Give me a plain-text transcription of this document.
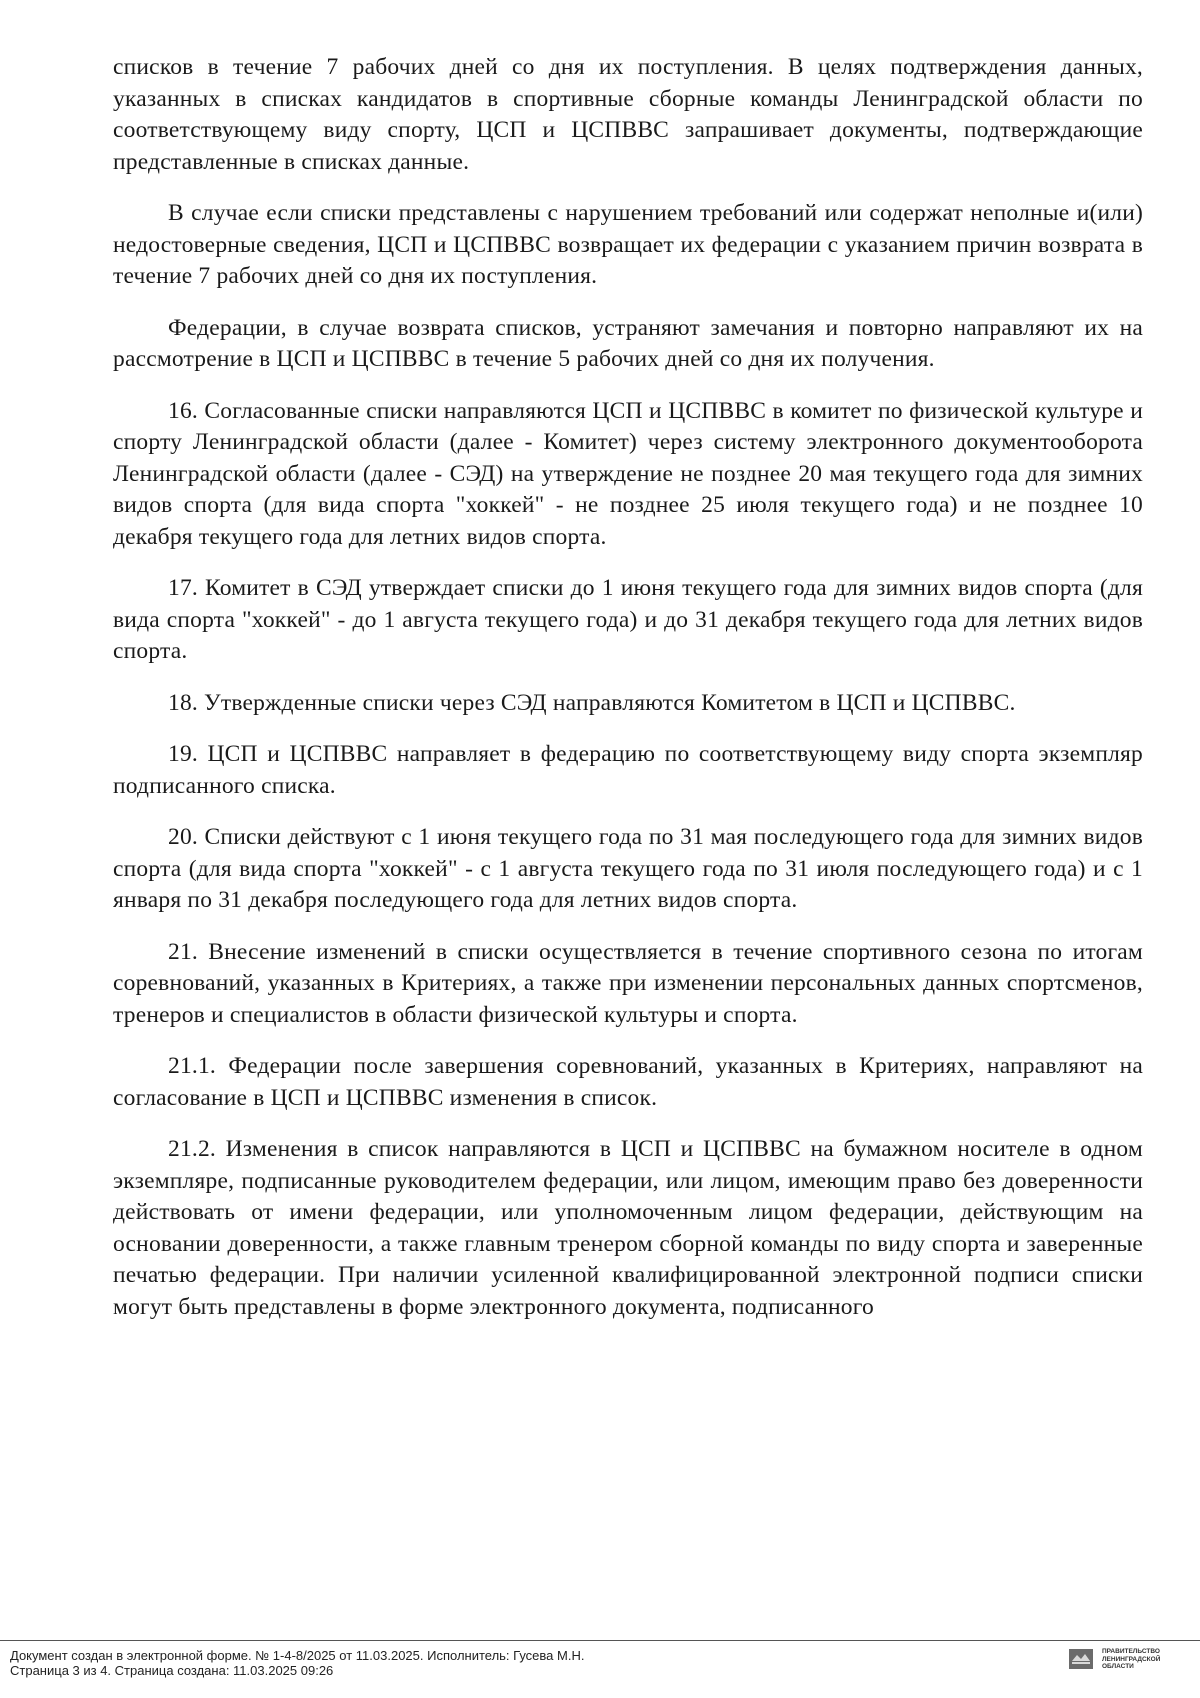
списков в течение 7 рабочих дней со дня их поступления. В целях подтверждения данных, указанных в списках кандидатов в спортивные сборные команды Ленинградской области по соответствующему виду спорту, ЦСП и ЦСПВВС запрашивает документы, подтверждающие представленные в списках данные.

В случае если списки представлены с нарушением требований или содержат неполные и(или) недостоверные сведения, ЦСП и ЦСПВВС возвращает их федерации с указанием причин возврата в течение 7 рабочих дней со дня их поступления.

Федерации, в случае возврата списков, устраняют замечания и повторно направляют их на рассмотрение в ЦСП и ЦСПВВС в течение 5 рабочих дней со дня их получения.

16. Согласованные списки направляются ЦСП и ЦСПВВС в комитет по физической культуре и спорту Ленинградской области (далее - Комитет) через систему электронного документооборота Ленинградской области (далее - СЭД) на утверждение не позднее 20 мая текущего года для зимних видов спорта (для вида спорта "хоккей" - не позднее 25 июля текущего года) и не позднее 10 декабря текущего года для летних видов спорта.

17. Комитет в СЭД утверждает списки до 1 июня текущего года для зимних видов спорта (для вида спорта "хоккей" - до 1 августа текущего года) и до 31 декабря текущего года для летних видов спорта.

18. Утвержденные списки через СЭД направляются Комитетом в ЦСП и ЦСПВВС.

19. ЦСП и ЦСПВВС направляет в федерацию по соответствующему виду спорта экземпляр подписанного списка.

20. Списки действуют с 1 июня текущего года по 31 мая последующего года для зимних видов спорта (для вида спорта "хоккей" - с 1 августа текущего года по 31 июля последующего года) и с 1 января по 31 декабря последующего года для летних видов спорта.

21. Внесение изменений в списки осуществляется в течение спортивного сезона по итогам соревнований, указанных в Критериях, а также при изменении персональных данных спортсменов, тренеров и специалистов в области физической культуры и спорта.

21.1. Федерации после завершения соревнований, указанных в Критериях, направляют на согласование в ЦСП и ЦСПВВС изменения в список.

21.2. Изменения в список направляются в ЦСП и ЦСПВВС на бумажном носителе в одном экземпляре, подписанные руководителем федерации, или лицом, имеющим право без доверенности действовать от имени федерации, или уполномоченным лицом федерации, действующим на основании доверенности, а также главным тренером сборной команды по виду спорта и заверенные печатью федерации. При наличии усиленной квалифицированной электронной подписи списки могут быть представлены в форме электронного документа, подписанного

Документ создан в электронной форме. № 1-4-8/2025 от 11.03.2025. Исполнитель: Гусева М.Н.
Страница 3 из 4. Страница создана: 11.03.2025 09:26
ПРАВИТЕЛЬСТВО
ЛЕНИНГРАДСКОЙ
ОБЛАСТИ
